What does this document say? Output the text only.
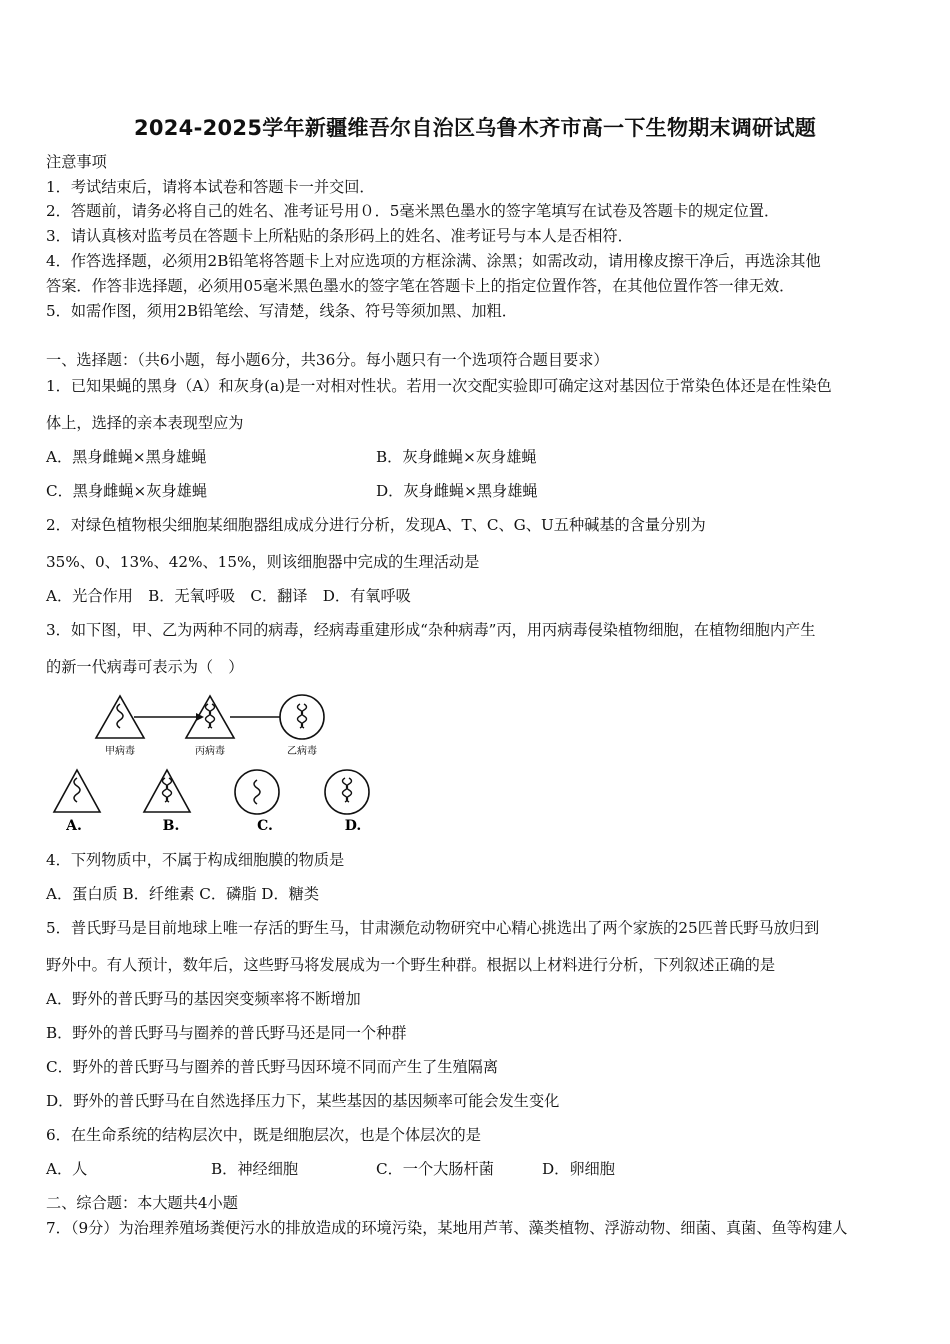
2024-2025学年新疆维吾尔自治区乌鲁木齐市高一下生物期末调研试题
注意事项
1．考试结束后，请将本试卷和答题卡一并交回．
2．答题前，请务必将自己的姓名、准考证号用０．5毫米黑色墨水的签字笔填写在试卷及答题卡的规定位置．
3．请认真核对监考员在答题卡上所粘贴的条形码上的姓名、准考证号与本人是否相符．
4．作答选择题，必须用2B铅笔将答题卡上对应选项的方框涂满、涂黑；如需改动，请用橡皮擦干净后，再选涂其他
答案．作答非选择题，必须用05毫米黑色墨水的签字笔在答题卡上的指定位置作答，在其他位置作答一律无效．
5．如需作图，须用2B铅笔绘、写清楚，线条、符号等须加黑、加粗．
一、选择题：（共6小题，每小题6分，共36分。每小题只有一个选项符合题目要求）
1．已知果蝇的黑身（A）和灰身(a)是一对相对性状。若用一次交配实验即可确定这对基因位于常染色体还是在性染色
体上，选择的亲本表现型应为
A．黑身雌蝇×黑身雄蝇	B．灰身雌蝇×灰身雄蝇
C．黑身雌蝇×灰身雄蝇	D．灰身雌蝇×黑身雄蝇
2．对绿色植物根尖细胞某细胞器组成成分进行分析，发现A、T、C、G、U五种碱基的含量分别为
35%、0、13%、42%、15%，则该细胞器中完成的生理活动是
A．光合作用　B．无氧呼吸　C．翻译　D．有氧呼吸
3．如下图，甲、乙为两种不同的病毒，经病毒重建形成“杂种病毒”丙，用丙病毒侵染植物细胞，在植物细胞内产生
的新一代病毒可表示为（　）
甲病毒	丙病毒	乙病毒
A.	B.	C.	D.
4．下列物质中，不属于构成细胞膜的物质是
A．蛋白质 B．纤维素 C．磷脂 D．糖类
5．普氏野马是目前地球上唯一存活的野生马，甘肃濒危动物研究中心精心挑选出了两个家族的25匹普氏野马放归到
野外中。有人预计，数年后，这些野马将发展成为一个野生种群。根据以上材料进行分析，下列叙述正确的是
A．野外的普氏野马的基因突变频率将不断增加
B．野外的普氏野马与圈养的普氏野马还是同一个种群
C．野外的普氏野马与圈养的普氏野马因环境不同而产生了生殖隔离
D．野外的普氏野马在自然选择压力下，某些基因的基因频率可能会发生变化
6．在生命系统的结构层次中，既是细胞层次，也是个体层次的是
A．人	B．神经细胞	C．一个大肠杆菌	D．卵细胞
二、综合题：本大题共4小题
7．（9分）为治理养殖场粪便污水的排放造成的环境污染，某地用芦苇、藻类植物、浮游动物、细菌、真菌、鱼等构建人
